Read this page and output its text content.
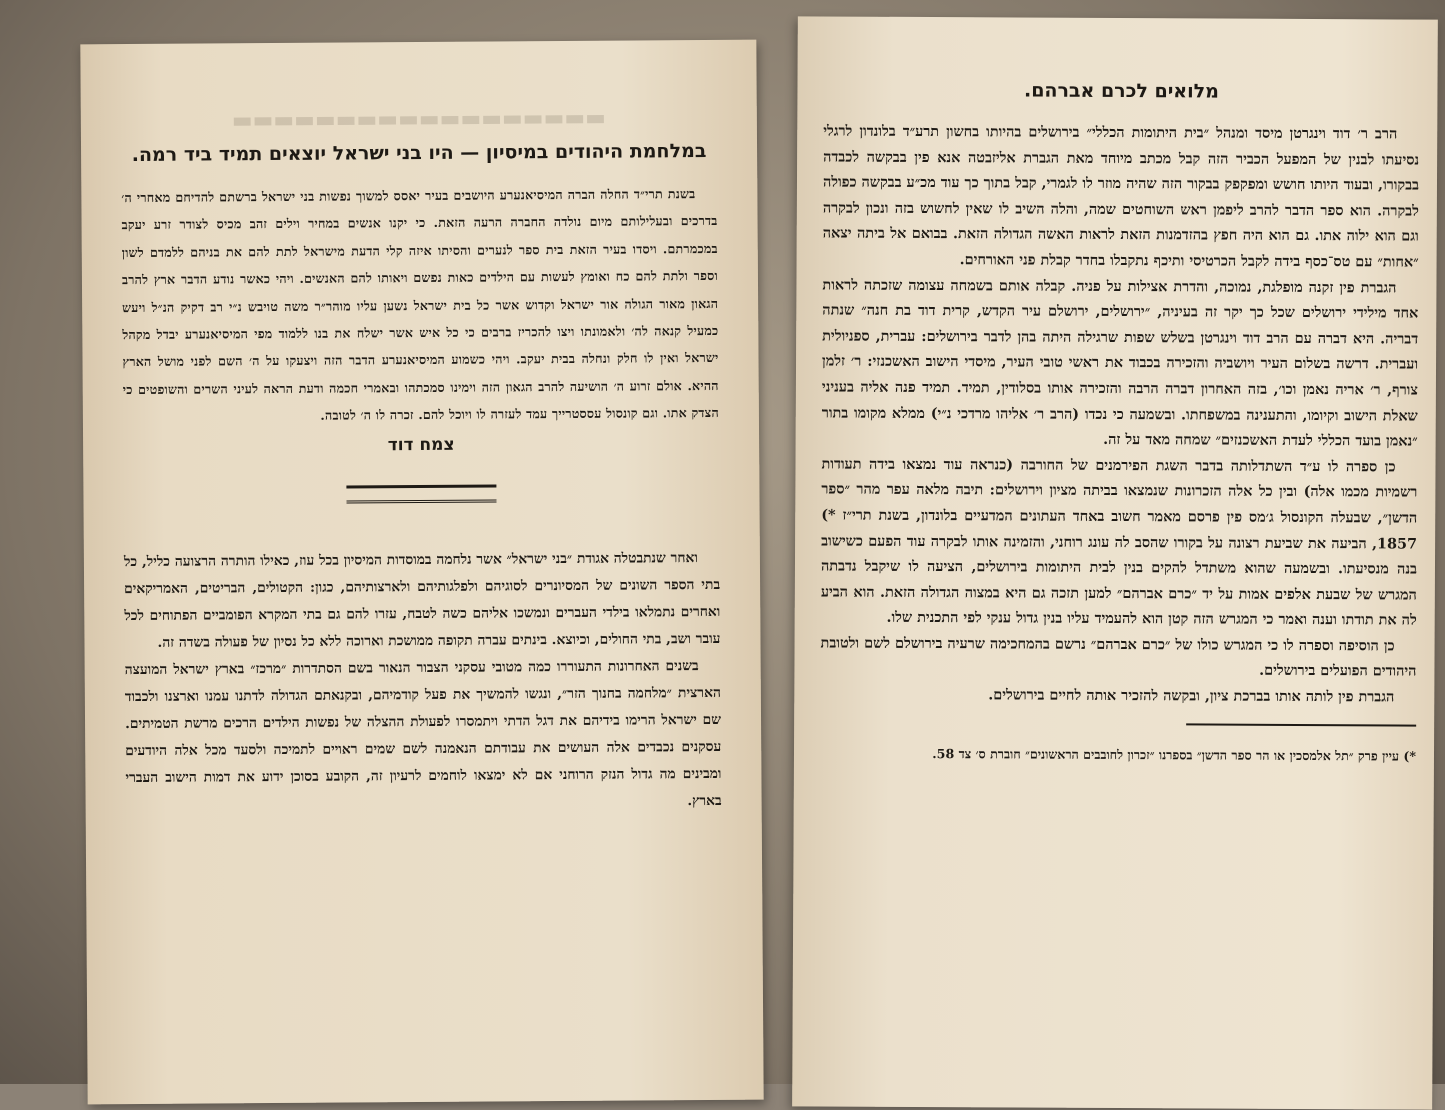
▬▬▬▬▬▬▬▬▬▬▬▬▬▬▬▬▬▬
במלחמת היהודים במיסיון — היו בני ישראל יוצאים תמיד ביד רמה.

בשנת תרי״ד החלה הברה המיסיאנערע היושבים בעיר יאסס למשוך נפשות בני ישראל ברשתם להדיחם מאחרי ה׳ בדרכים ובעלילותם מיום נולדה החברה הרעה הזאת. כי יקנו אנשים במחיר וילים זהב מכיס לצודר זרע יעקב במכמרתם. ויסדו בעיר הזאת בית ספר לנערים והסיתו איזה קלי הדעת מישראל לתת להם את בניהם ללמדם לשון וספר ולתת להם כח ואומץ לעשות עם הילדים כאות נפשם ויאותו להם האנשים. ויהי כאשר נודע הדבר ארץ להרב הגאון מאור הגולה אור ישראל וקדוש אשר כל בית ישראל נשען עליו מוהר״ר משה טויבש נ״י רב דקיק הנ״ל ויעש כמעיל קנאה לה׳ ולאמונתו ויצו להכריז ברבים כי כל איש אשר ישלח את בנו ללמוד מפי המיסיאנערע יבדל מקהל ישראל ואין לו חלק ונחלה בבית יעקב. ויהי כשמוע המיסיאנערע הדבר הזה ויצעקו על ה׳ השם לפני מושל הארץ ההיא. אולם זרוע ה׳ הושיעה להרב הגאון הזה וימינו סמכתהו ובאמרי חכמה ודעת הראה לעיני השרים והשופטים כי הצדק אתו. וגם קונסול עססטרייך עמד לעזרה לו ויוכל להם. זכרה לו ה׳ לטובה.

צמח דוד

ואחר שנתבטלה אגודת ״בני ישראל״ אשר נלחמה במוסדות המיסיון בכל עוז, כאילו הותרה הרצועה כליל, כל בתי הספר השונים של המסיונרים לסוגיהם ולפלגותיהם ולארצותיהם, כגון: הקטולים, הבריטים, האמריקאים ואחרים נתמלאו בילדי העברים ונמשכו אליהם כשה לטבח, עזרו להם גם בתי המקרא הפומביים הפתוחים לכל עובר ושב, בתי החולים, וכיוצא. בינתים עברה תקופה ממושכת וארוכה ללא כל נסיון של פעולה בשדה זה.

בשנים האחרונות התעוררו כמה מטובי עסקני הצבור הנאור בשם הסתדרות ״מרכז״ בארץ ישראל המועצה הארצית ״מלחמה בחנוך הזר״, ונגשו להמשיך את פעל קודמיהם, ובקנאתם הגדולה לדתנו עמנו וארצנו ולכבוד שם ישראל הרימו בידיהם את דגל הדתי ויתמסרו לפעולת ההצלה של נפשות הילדים הרכים מרשת הטמיתים. עסקנים נכבדים אלה העושים את עבודתם הנאמנה לשם שמים ראויים לתמיכה ולסעד מכל אלה היודעים ומבינים מה גדול הנזק הרוחני אם לא ימצאו לוחמים לרעיון זה, הקובע בסוכן ידוע את דמות הישוב העברי בארץ.

מלואים לכרם אברהם.

הרב ר׳ דוד וינגרטן מיסד ומנהל ״בית היתומות הכללי״ בירושלים בהיותו בחשון תרע״ד בלונדון לרגלי נסיעתו לבנין של המפעל הכביר הזה קבל מכתב מיוחד מאת הגברת אליזבטה אנא פין בבקשה לכבדה בבקורו, ובעוד היותו חושש ומפקפק בבקור הזה שהיה מוזר לו לגמרי, קבל בתוך כך עוד מכ״ע בבקשה כפולה לבקרה. הוא ספר הדבר להרב ליפמן ראש השוחטים שמה, והלה השיב לו שאין לחשוש בזה ונכון לבקרה וגם הוא ילוה אתו. גם הוא היה חפץ בהזדמנות הזאת לראות האשה הגדולה הזאת. בבואם אל ביתה יצאה ״אחות״ עם טס־כסף בידה לקבל הכרטיסי ותיכף נתקבלו בחדר קבלת פני האורחים.

הגברת פין זקנה מופלגת, נמוכה, והדרת אצילות על פניה. קבלה אותם בשמחה עצומה שזכתה לראות אחד מילידי ירושלים שכל כך יקר זה בעיניה, ״ירושלים, ירושלם עיר הקדש, קרית דוד בת חנה״ שנתה דבריה. היא דברה עם הרב דוד וינגרטן בשלש שפות שרגילה היתה בהן לדבר בירושלים: עברית, ספניולית ועברית. דרשה בשלום העיר ויושביה והזכירה בכבוד את ראשי טובי העיר, מיסדי הישוב האשכנזי: ר׳ זלמן צורף, ר׳ אריה נאמן וכו׳, בזה האחרון דברה הרבה והזכירה אותו בסלודין, תמיד. תמיד פנה אליה בעניני שאלת הישוב וקיומו, והתענינה במשפחתו. ובשמעה כי נכדו (הרב ר׳ אליהו מרדכי נ״י) ממלא מקומו בתור ״נאמן בועד הכללי לעדת האשכנזים״ שמחה מאד על זה.

כן ספרה לו ע״ד השתדלותה בדבר השגת הפירמנים של החורבה (כנראה עוד נמצאו בידה תעודות רשמיות מכמו אלה) ובין כל אלה הזכרונות שנמצאו בביתה מציון וירושלים: תיבה מלאה עפר מהר ״ספר הדשן״, שבעלה הקונסול ג׳מס פין פרסם מאמר חשוב באחד העתונים המדעיים בלונדון, בשנת תרי״ז *) 1857, הביעה את שביעת רצונה על בקורו שהסב לה עונג רוחני, והזמינה אותו לבקרה עוד הפעם כשישוב בנה מנסיעתו. ובשמעה שהוא משתדל להקים בנין לבית היתומות בירושלים, הציעה לו שיקבל נדבתה המגרש של שבעת אלפים אמות על יד ״כרם אברהם״ למען תזכה גם היא במצוה הגדולה הזאת. הוא הביע לה את תודתו וענה ואמר כי המגרש הזה קטן הוא להעמיד עליו בנין גדול ענקי לפי התכנית שלו.

כן הוסיפה וספרה לו כי המגרש כולו של ״כרם אברהם״ נרשם בהמחכימה שרעיה בירושלם לשם ולטובת היהודים הפועלים בירושלים.

הגברת פין לותה אותו בברכת ציון, ובקשה להזכיר אותה לחיים בירושלים.

*) עיין פרק ״תל אלמסכין או הר ספר הדשן״ בספרנו ״זכרון לחובבים הראשונים״ חוברת ס׳ צד 58.
